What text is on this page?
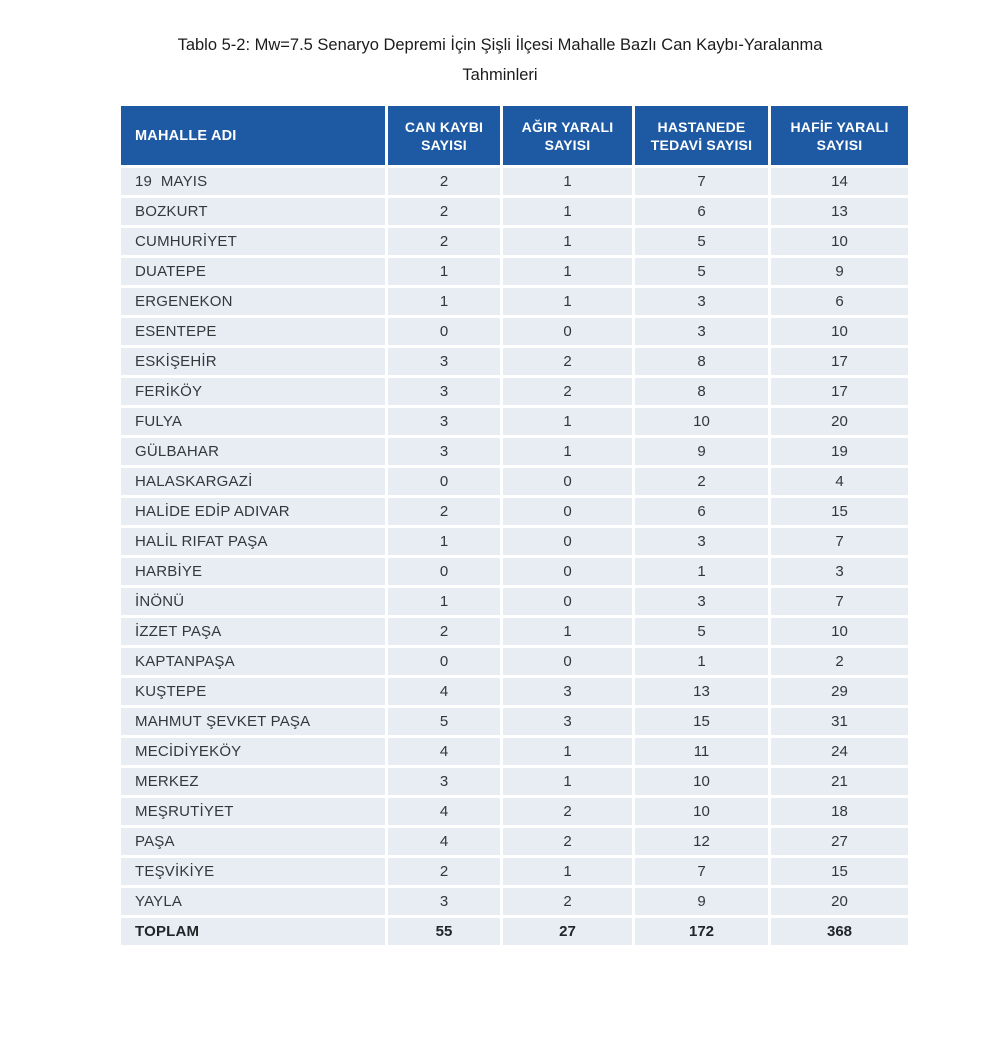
Tablo 5-2: Mw=7.5 Senaryo Depremi İçin Şişli İlçesi Mahalle Bazlı Can Kaybı-Yaralanma
Tahminleri
MAHALLE ADI	CAN KAYBI SAYISI	AĞIR YARALI SAYISI	HASTANEDE TEDAVİ SAYISI	HAFİF YARALI SAYISI
19  MAYIS	2	1	7	14
BOZKURT	2	1	6	13
CUMHURİYET	2	1	5	10
DUATEPE	1	1	5	9
ERGENEKON	1	1	3	6
ESENTEPE	0	0	3	10
ESKİŞEHİR	3	2	8	17
FERİKÖY	3	2	8	17
FULYA	3	1	10	20
GÜLBAHAR	3	1	9	19
HALASKARGAZİ	0	0	2	4
HALİDE EDİP ADIVAR	2	0	6	15
HALİL RIFAT PAŞA	1	0	3	7
HARBİYE	0	0	1	3
İNÖNÜ	1	0	3	7
İZZET PAŞA	2	1	5	10
KAPTANPAŞA	0	0	1	2
KUŞTEPE	4	3	13	29
MAHMUT ŞEVKET PAŞA	5	3	15	31
MECİDİYEKÖY	4	1	11	24
MERKEZ	3	1	10	21
MEŞRUTİYET	4	2	10	18
PAŞA	4	2	12	27
TEŞVİKİYE	2	1	7	15
YAYLA	3	2	9	20
TOPLAM	55	27	172	368
